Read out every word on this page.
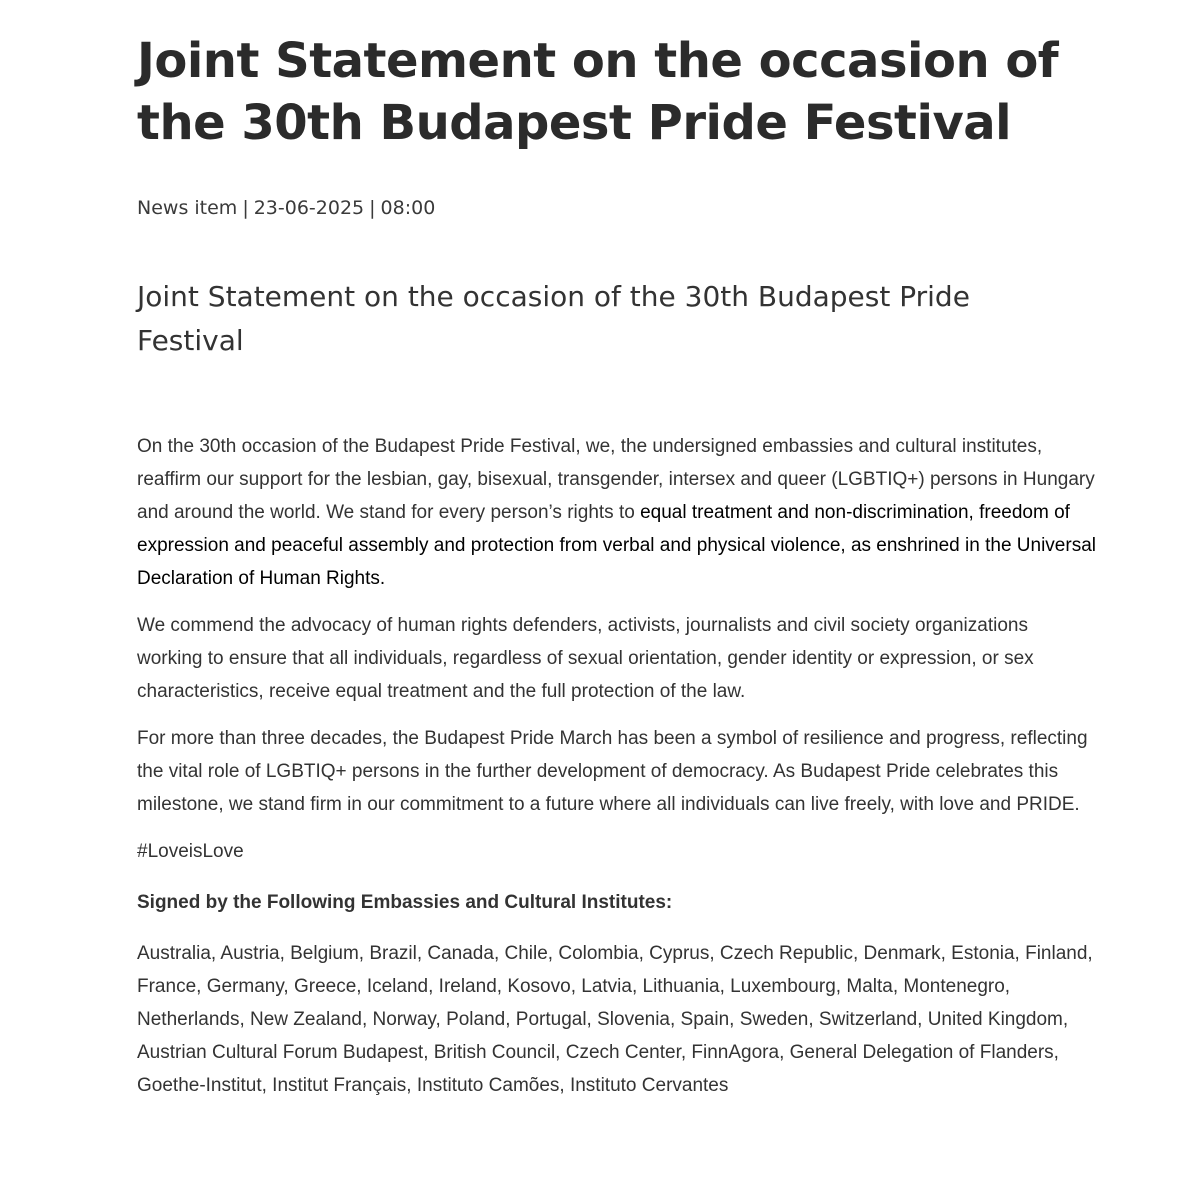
Joint Statement on the occasion of the 30th Budapest Pride Festival
News item | 23-06-2025 | 08:00
Joint Statement on the occasion of the 30th Budapest Pride Festival

On the 30th occasion of the Budapest Pride Festival, we, the undersigned embassies and cultural institutes, reaffirm our support for the lesbian, gay, bisexual, transgender, intersex and queer (LGBTIQ+) persons in Hungary and around the world. We stand for every person’s rights to equal treatment and non-discrimination, freedom of expression and peaceful assembly and protection from verbal and physical violence, as enshrined in the Universal Declaration of Human Rights.

We commend the advocacy of human rights defenders, activists, journalists and civil society organizations working to ensure that all individuals, regardless of sexual orientation, gender identity or expression, or sex characteristics, receive equal treatment and the full protection of the law.

For more than three decades, the Budapest Pride March has been a symbol of resilience and progress, reflecting the vital role of LGBTIQ+ persons in the further development of democracy. As Budapest Pride celebrates this milestone, we stand firm in our commitment to a future where all individuals can live freely, with love and PRIDE.

#LoveisLove

Signed by the Following Embassies and Cultural Institutes:

Australia, Austria, Belgium, Brazil, Canada, Chile, Colombia, Cyprus, Czech Republic, Denmark, Estonia, Finland, France, Germany, Greece, Iceland, Ireland, Kosovo, Latvia, Lithuania, Luxembourg, Malta, Montenegro, Netherlands, New Zealand, Norway, Poland, Portugal, Slovenia, Spain, Sweden, Switzerland, United Kingdom, Austrian Cultural Forum Budapest, British Council, Czech Center, FinnAgora, General Delegation of Flanders, Goethe-Institut, Institut Français, Instituto Camões, Instituto Cervantes
